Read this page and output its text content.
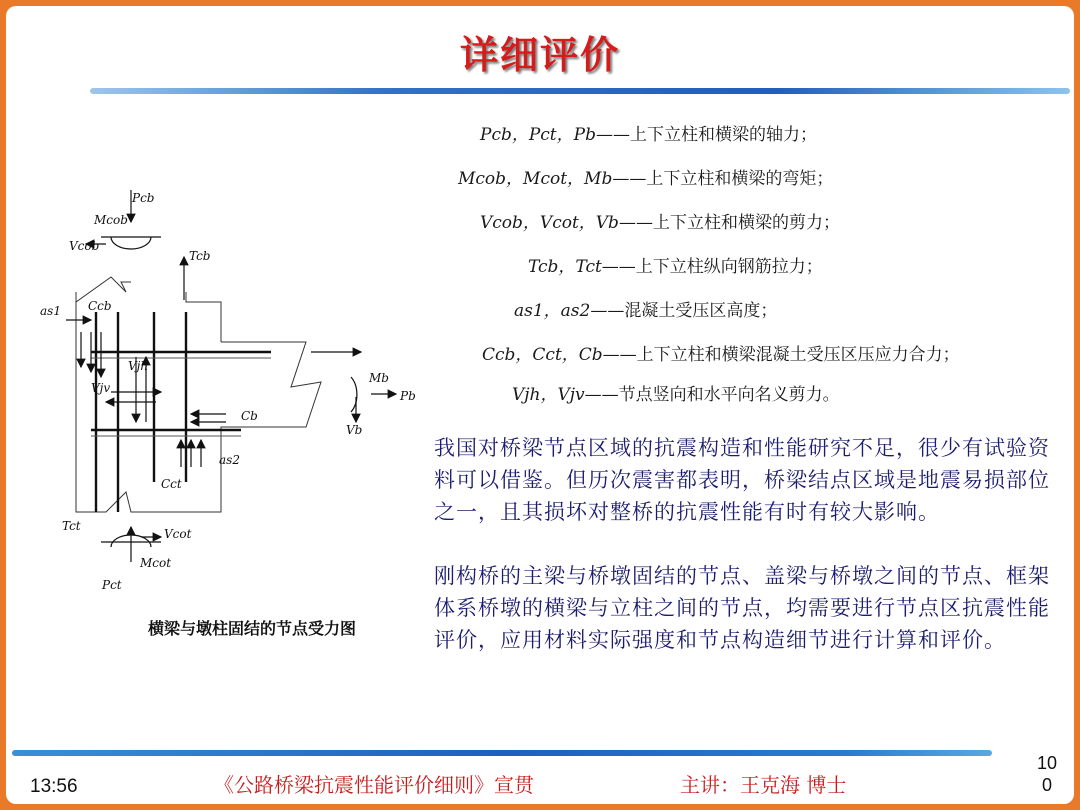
详细评价
Pcb
Mcob
Vcob
Tcb
as1 Ccb
Vjh
Vjv
Mb
Pb
Cb
Vb
Cct
as2
Tct
Vcot
Mcot
Pct
横梁与墩柱固结的节点受力图
Pcb，Pct，Pb——上下立柱和横梁的轴力；
Mcob，Mcot，Mb——上下立柱和横梁的弯矩；
Vcob，Vcot，Vb——上下立柱和横梁的剪力；
Tcb，Tct——上下立柱纵向钢筋拉力；
as1，as2——混凝土受压区高度；
Ccb，Cct，Cb——上下立柱和横梁混凝土受压区压应力合力；
Vjh，Vjv——节点竖向和水平向名义剪力。
我国对桥梁节点区域的抗震构造和性能研究不足，很少有试验资料可以借鉴。但历次震害都表明，桥梁结点区域是地震易损部位之一，且其损坏对整桥的抗震性能有时有较大影响。
刚构桥的主梁与桥墩固结的节点、盖梁与桥墩之间的节点、框架体系桥墩的横梁与立柱之间的节点，均需要进行节点区抗震性能评价，应用材料实际强度和节点构造细节进行计算和评价。
13:56	《公路桥梁抗震性能评价细则》宣贯	主讲：王克海 博士
10
0
